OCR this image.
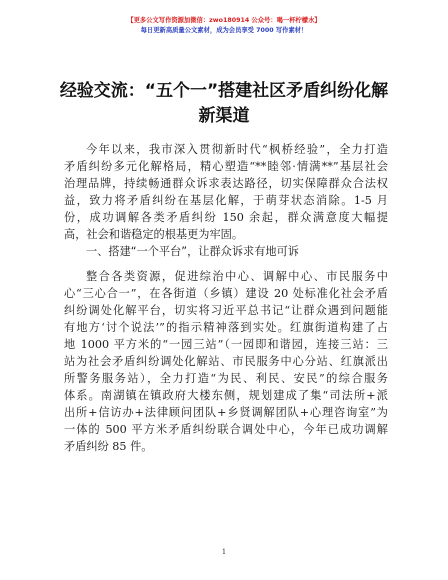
【更多公文写作资源加微信：zwo180914 公众号：喝一杯柠檬水】
每日更新高质量公文素材，成为会员享受 7000 写作素材！
经验交流：“五个一”搭建社区矛盾纠纷化解
新渠道
今年以来，我市深入贯彻新时代“枫桥经验”，全力打造
矛盾纠纷多元化解格局，精心塑造“**睦邻·情满**”基层社会
治理品牌，持续畅通群众诉求表达路径，切实保障群众合法权
益，致力将矛盾纠纷在基层化解，于萌芽状态消除。1-5 月
份，成功调解各类矛盾纠纷 150 余起，群众满意度大幅提
高，社会和谐稳定的根基更为牢固。
一、搭建“一个平台”，让群众诉求有地可诉
整合各类资源，促进综治中心、调解中心、市民服务中
心“三心合一”，在各街道（乡镇）建设 20 处标准化社会矛盾
纠纷调处化解平台，切实将习近平总书记“让群众遇到问题能
有地方‘讨个说法’”的指示精神落到实处。红旗街道构建了占
地 1000 平方米的“一园三站”（一园即和谐园，连接三站：三
站为社会矛盾纠纷调处化解站、市民服务中心分站、红旗派出
所警务服务站），全力打造“为民、利民、安民”的综合服务
体系。南湖镇在镇政府大楼东侧，规划建成了集“司法所+派
出所+信访办+法律顾问团队+乡贤调解团队+心理咨询室”为
一体的 500 平方米矛盾纠纷联合调处中心，今年已成功调解
矛盾纠纷 85 件。
1
